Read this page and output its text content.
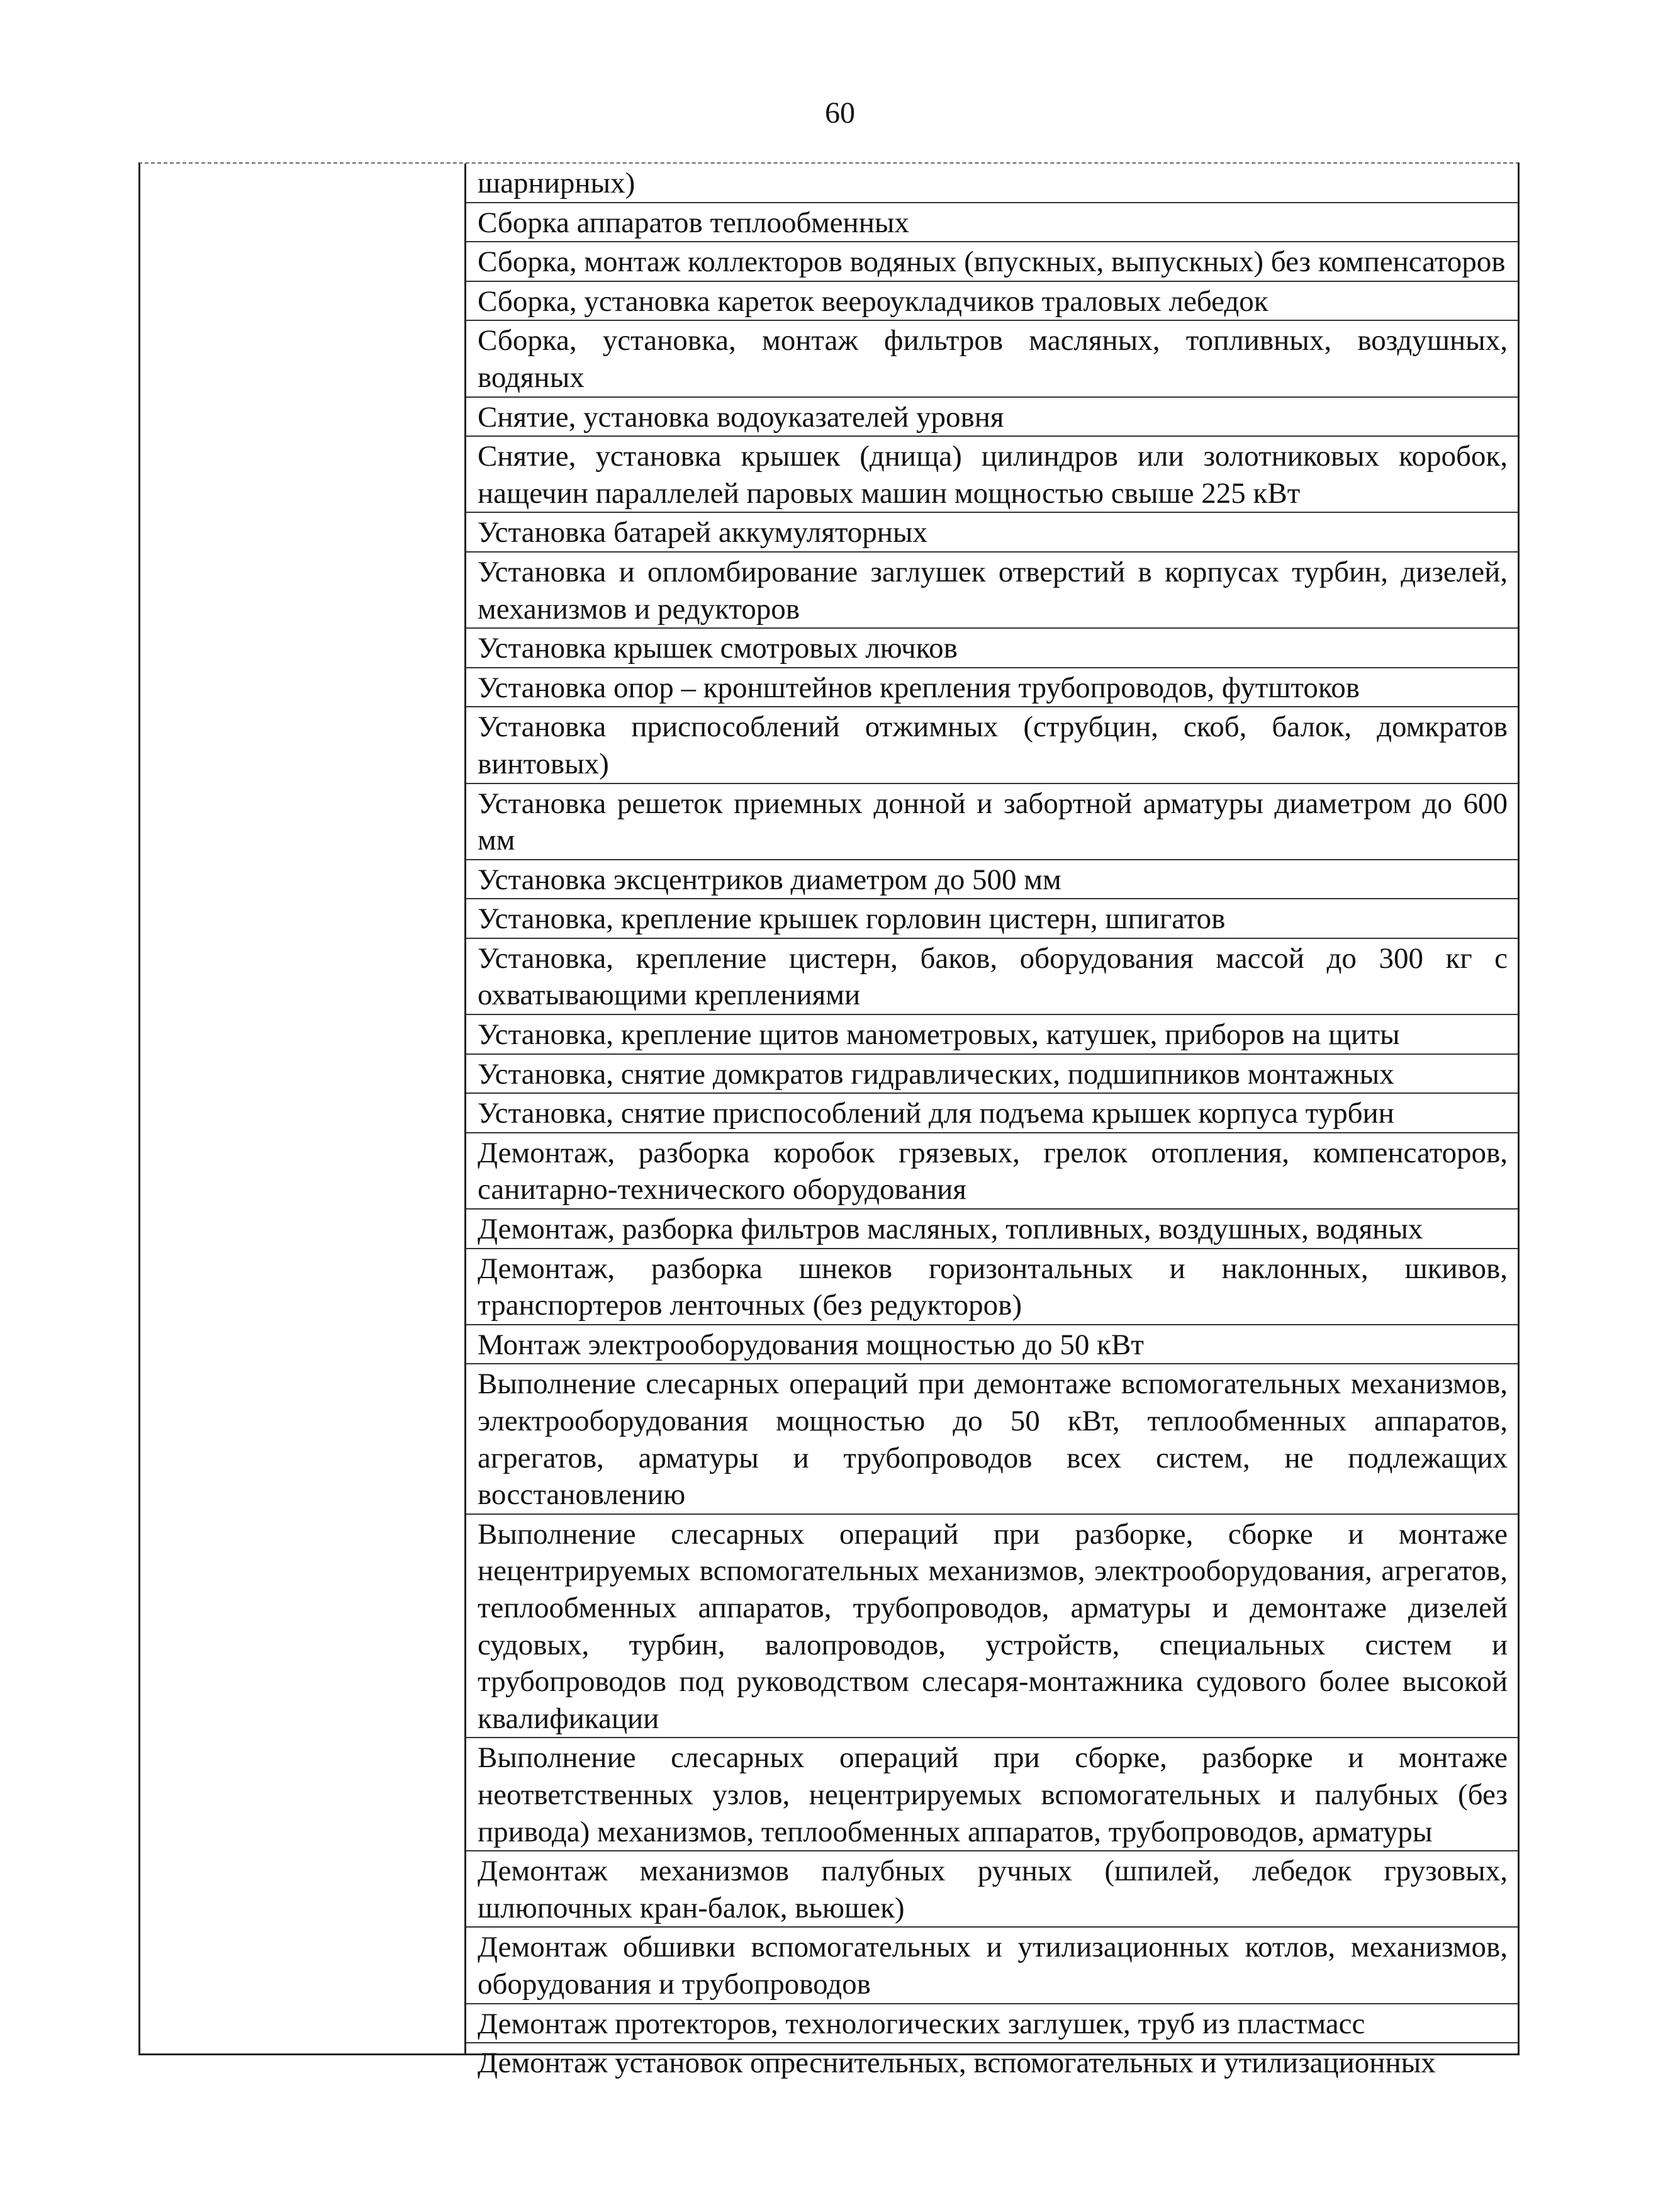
60
шарнирных)
Сборка аппаратов теплообменных
Сборка, монтаж коллекторов водяных (впускных, выпускных) без компенсаторов
Сборка, установка кареток веероукладчиков траловых лебедок
Сборка, установка, монтаж фильтров масляных, топливных, воздушных, водяных
Снятие, установка водоуказателей уровня
Снятие, установка крышек (днища) цилиндров или золотниковых коробок, нащечин параллелей паровых машин мощностью свыше 225 кВт
Установка батарей аккумуляторных
Установка и опломбирование заглушек отверстий в корпусах турбин, дизелей, механизмов и редукторов
Установка крышек смотровых лючков
Установка опор – кронштейнов крепления трубопроводов, футштоков
Установка приспособлений отжимных (струбцин, скоб, балок, домкратов винтовых)
Установка решеток приемных донной и забортной арматуры диаметром до 600 мм
Установка эксцентриков диаметром до 500 мм
Установка, крепление крышек горловин цистерн, шпигатов
Установка, крепление цистерн, баков, оборудования массой до 300 кг с охватывающими креплениями
Установка, крепление щитов манометровых, катушек, приборов на щиты
Установка, снятие домкратов гидравлических, подшипников монтажных
Установка, снятие приспособлений для подъема крышек корпуса турбин
Демонтаж, разборка коробок грязевых, грелок отопления, компенсаторов, санитарно-технического оборудования
Демонтаж, разборка фильтров масляных, топливных, воздушных, водяных
Демонтаж, разборка шнеков горизонтальных и наклонных, шкивов, транспортеров ленточных (без редукторов)
Монтаж электрооборудования мощностью до 50 кВт
Выполнение слесарных операций при демонтаже вспомогательных механизмов, электрооборудования мощностью до 50 кВт, теплообменных аппаратов, агрегатов, арматуры и трубопроводов всех систем, не подлежащих восстановлению
Выполнение слесарных операций при разборке, сборке и монтаже нецентрируемых вспомогательных механизмов, электрооборудования, агрегатов, теплообменных аппаратов, трубопроводов, арматуры и демонтаже дизелей судовых, турбин, валопроводов, устройств, специальных систем и трубопроводов под руководством слесаря-монтажника судового более высокой квалификации
Выполнение слесарных операций при сборке, разборке и монтаже неответственных узлов, нецентрируемых вспомогательных и палубных (без привода) механизмов, теплообменных аппаратов, трубопроводов, арматуры
Демонтаж механизмов палубных ручных (шпилей, лебедок грузовых, шлюпочных кран-балок, вьюшек)
Демонтаж обшивки вспомогательных и утилизационных котлов, механизмов, оборудования и трубопроводов
Демонтаж протекторов, технологических заглушек, труб из пластмасс
Демонтаж установок опреснительных, вспомогательных и утилизационных
